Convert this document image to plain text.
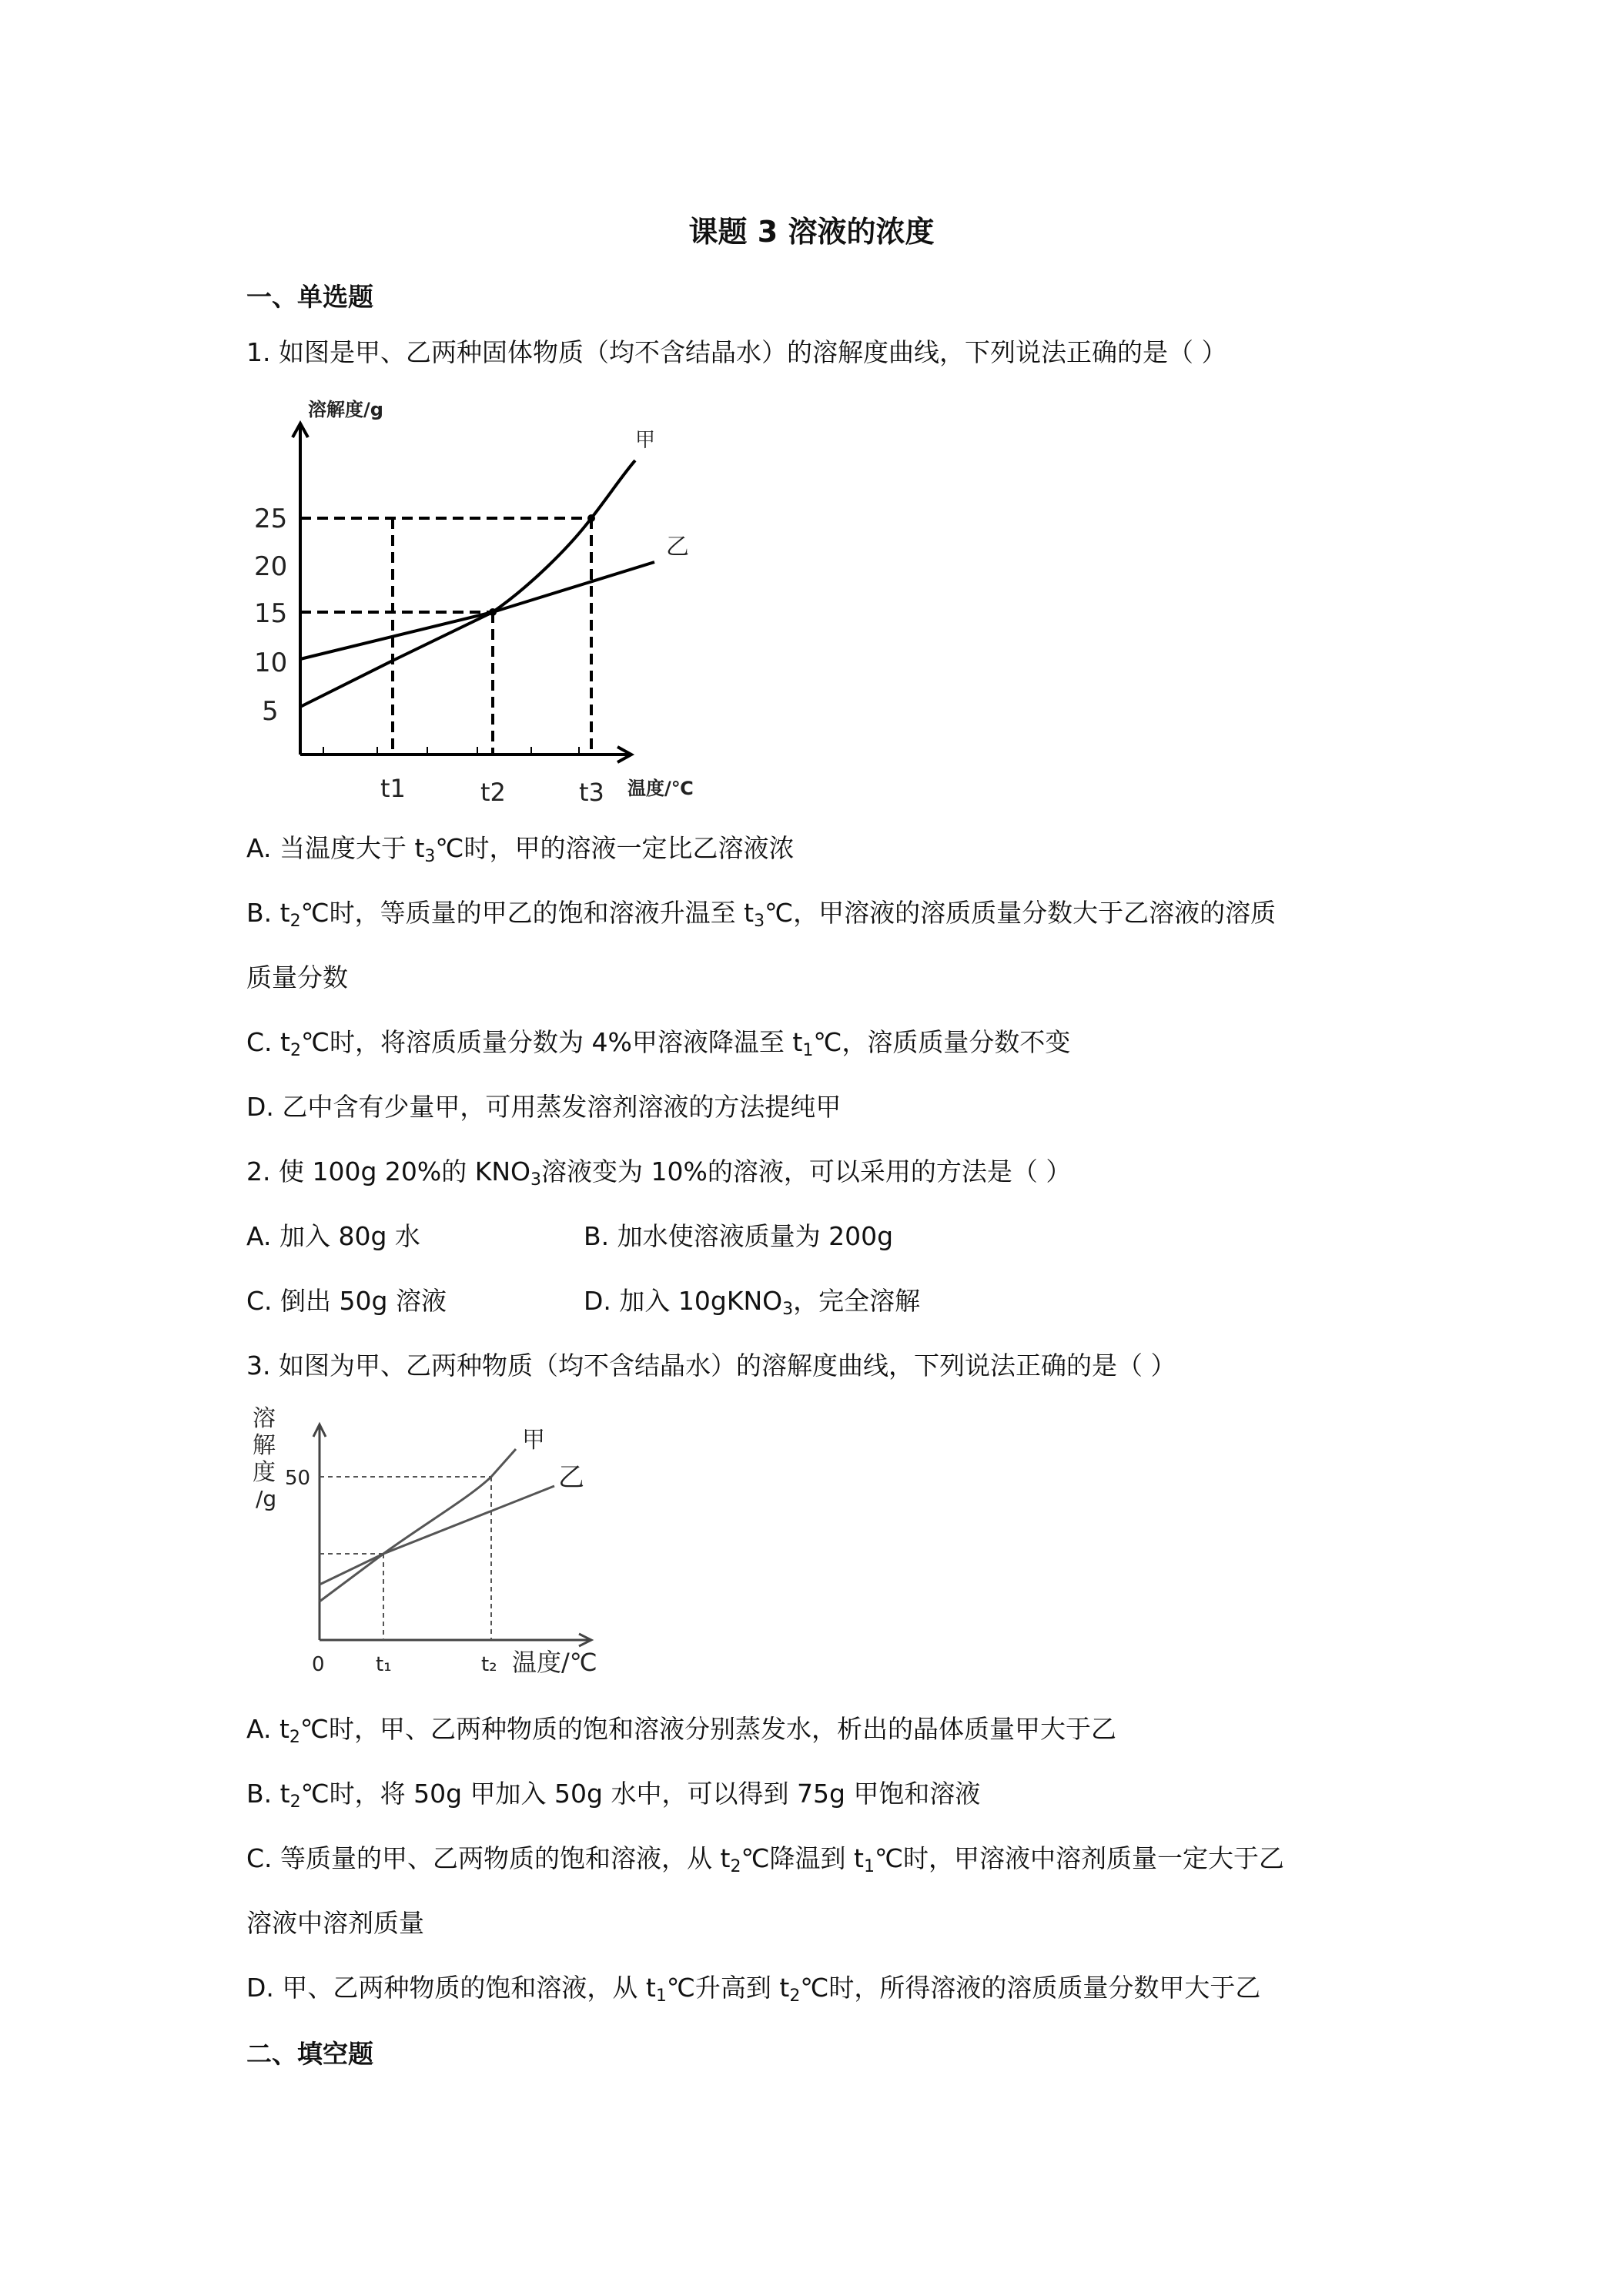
课题 3 溶液的浓度
一、单选题
1. 如图是甲、乙两种固体物质（均不含结晶水）的溶解度曲线，下列说法正确的是（ ）
溶解度/g
温度/℃
25
20
15
10
5
t1	t2	t3
甲
乙
A. 当温度大于 $t_3℃$时，甲的溶液一定比乙溶液浓
B. $t_2℃$时，等质量的甲乙的饱和溶液升温至 $t_3℃$，甲溶液的溶质质量分数大于乙溶液的溶质
质量分数
C. $t_2℃$时，将溶质质量分数为 4%甲溶液降温至 $t_1℃$，溶质质量分数不变
D. 乙中含有少量甲，可用蒸发溶剂溶液的方法提纯甲
2. 使 100g 20%的 $KNO_3$溶液变为 10%的溶液，可以采用的方法是（ ）
A. 加入 80g 水	B. 加水使溶液质量为 200g
C. 倒出 50g 溶液	D. 加入 10gKNO$_3$，完全溶解
3. 如图为甲、乙两种物质（均不含结晶水）的溶解度曲线，下列说法正确的是（ ）
溶
解
度
/g
50
0	t₁	t₂ 温度/℃
甲
乙
A. $t_2℃$时，甲、乙两种物质的饱和溶液分别蒸发水，析出的晶体质量甲大于乙
B. $t_2℃$时，将 50g 甲加入 50g 水中，可以得到 75g 甲饱和溶液
C. 等质量的甲、乙两物质的饱和溶液，从 $t_2℃$降温到 $t_1℃$时，甲溶液中溶剂质量一定大于乙
溶液中溶剂质量
D. 甲、乙两种物质的饱和溶液，从 $t_1℃$升高到 $t_2℃$时，所得溶液的溶质质量分数甲大于乙
二、填空题
